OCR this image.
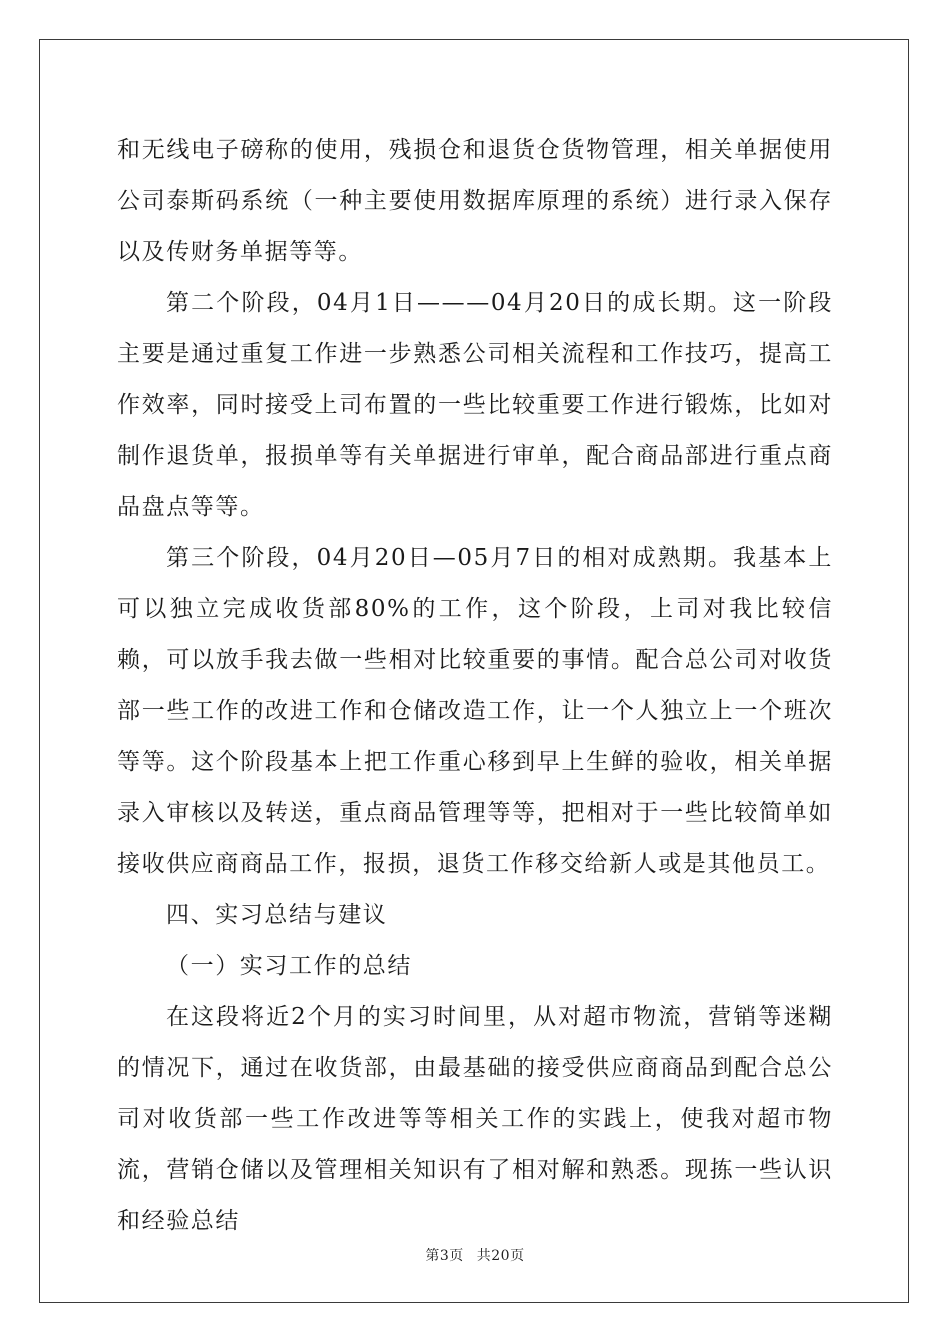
和无线电子磅称的使用，残损仓和退货仓货物管理，相关单据使用公司泰斯码系统（一种主要使用数据库原理的系统）进行录入保存以及传财务单据等等。

第二个阶段，04月1日———04月20日的成长期。这一阶段主要是通过重复工作进一步熟悉公司相关流程和工作技巧，提高工作效率，同时接受上司布置的一些比较重要工作进行锻炼，比如对制作退货单，报损单等有关单据进行审单，配合商品部进行重点商品盘点等等。

第三个阶段，04月20日—05月7日的相对成熟期。我基本上可以独立完成收货部80%的工作，这个阶段，上司对我比较信赖，可以放手我去做一些相对比较重要的事情。配合总公司对收货部一些工作的改进工作和仓储改造工作，让一个人独立上一个班次等等。这个阶段基本上把工作重心移到早上生鲜的验收，相关单据录入审核以及转送，重点商品管理等等，把相对于一些比较简单如接收供应商商品工作，报损，退货工作移交给新人或是其他员工。

四、实习总结与建议

（一）实习工作的总结

在这段将近2个月的实习时间里，从对超市物流，营销等迷糊的情况下，通过在收货部，由最基础的接受供应商商品到配合总公司对收货部一些工作改进等等相关工作的实践上，使我对超市物流，营销仓储以及管理相关知识有了相对解和熟悉。现拣一些认识和经验总结

第3页 共20页
